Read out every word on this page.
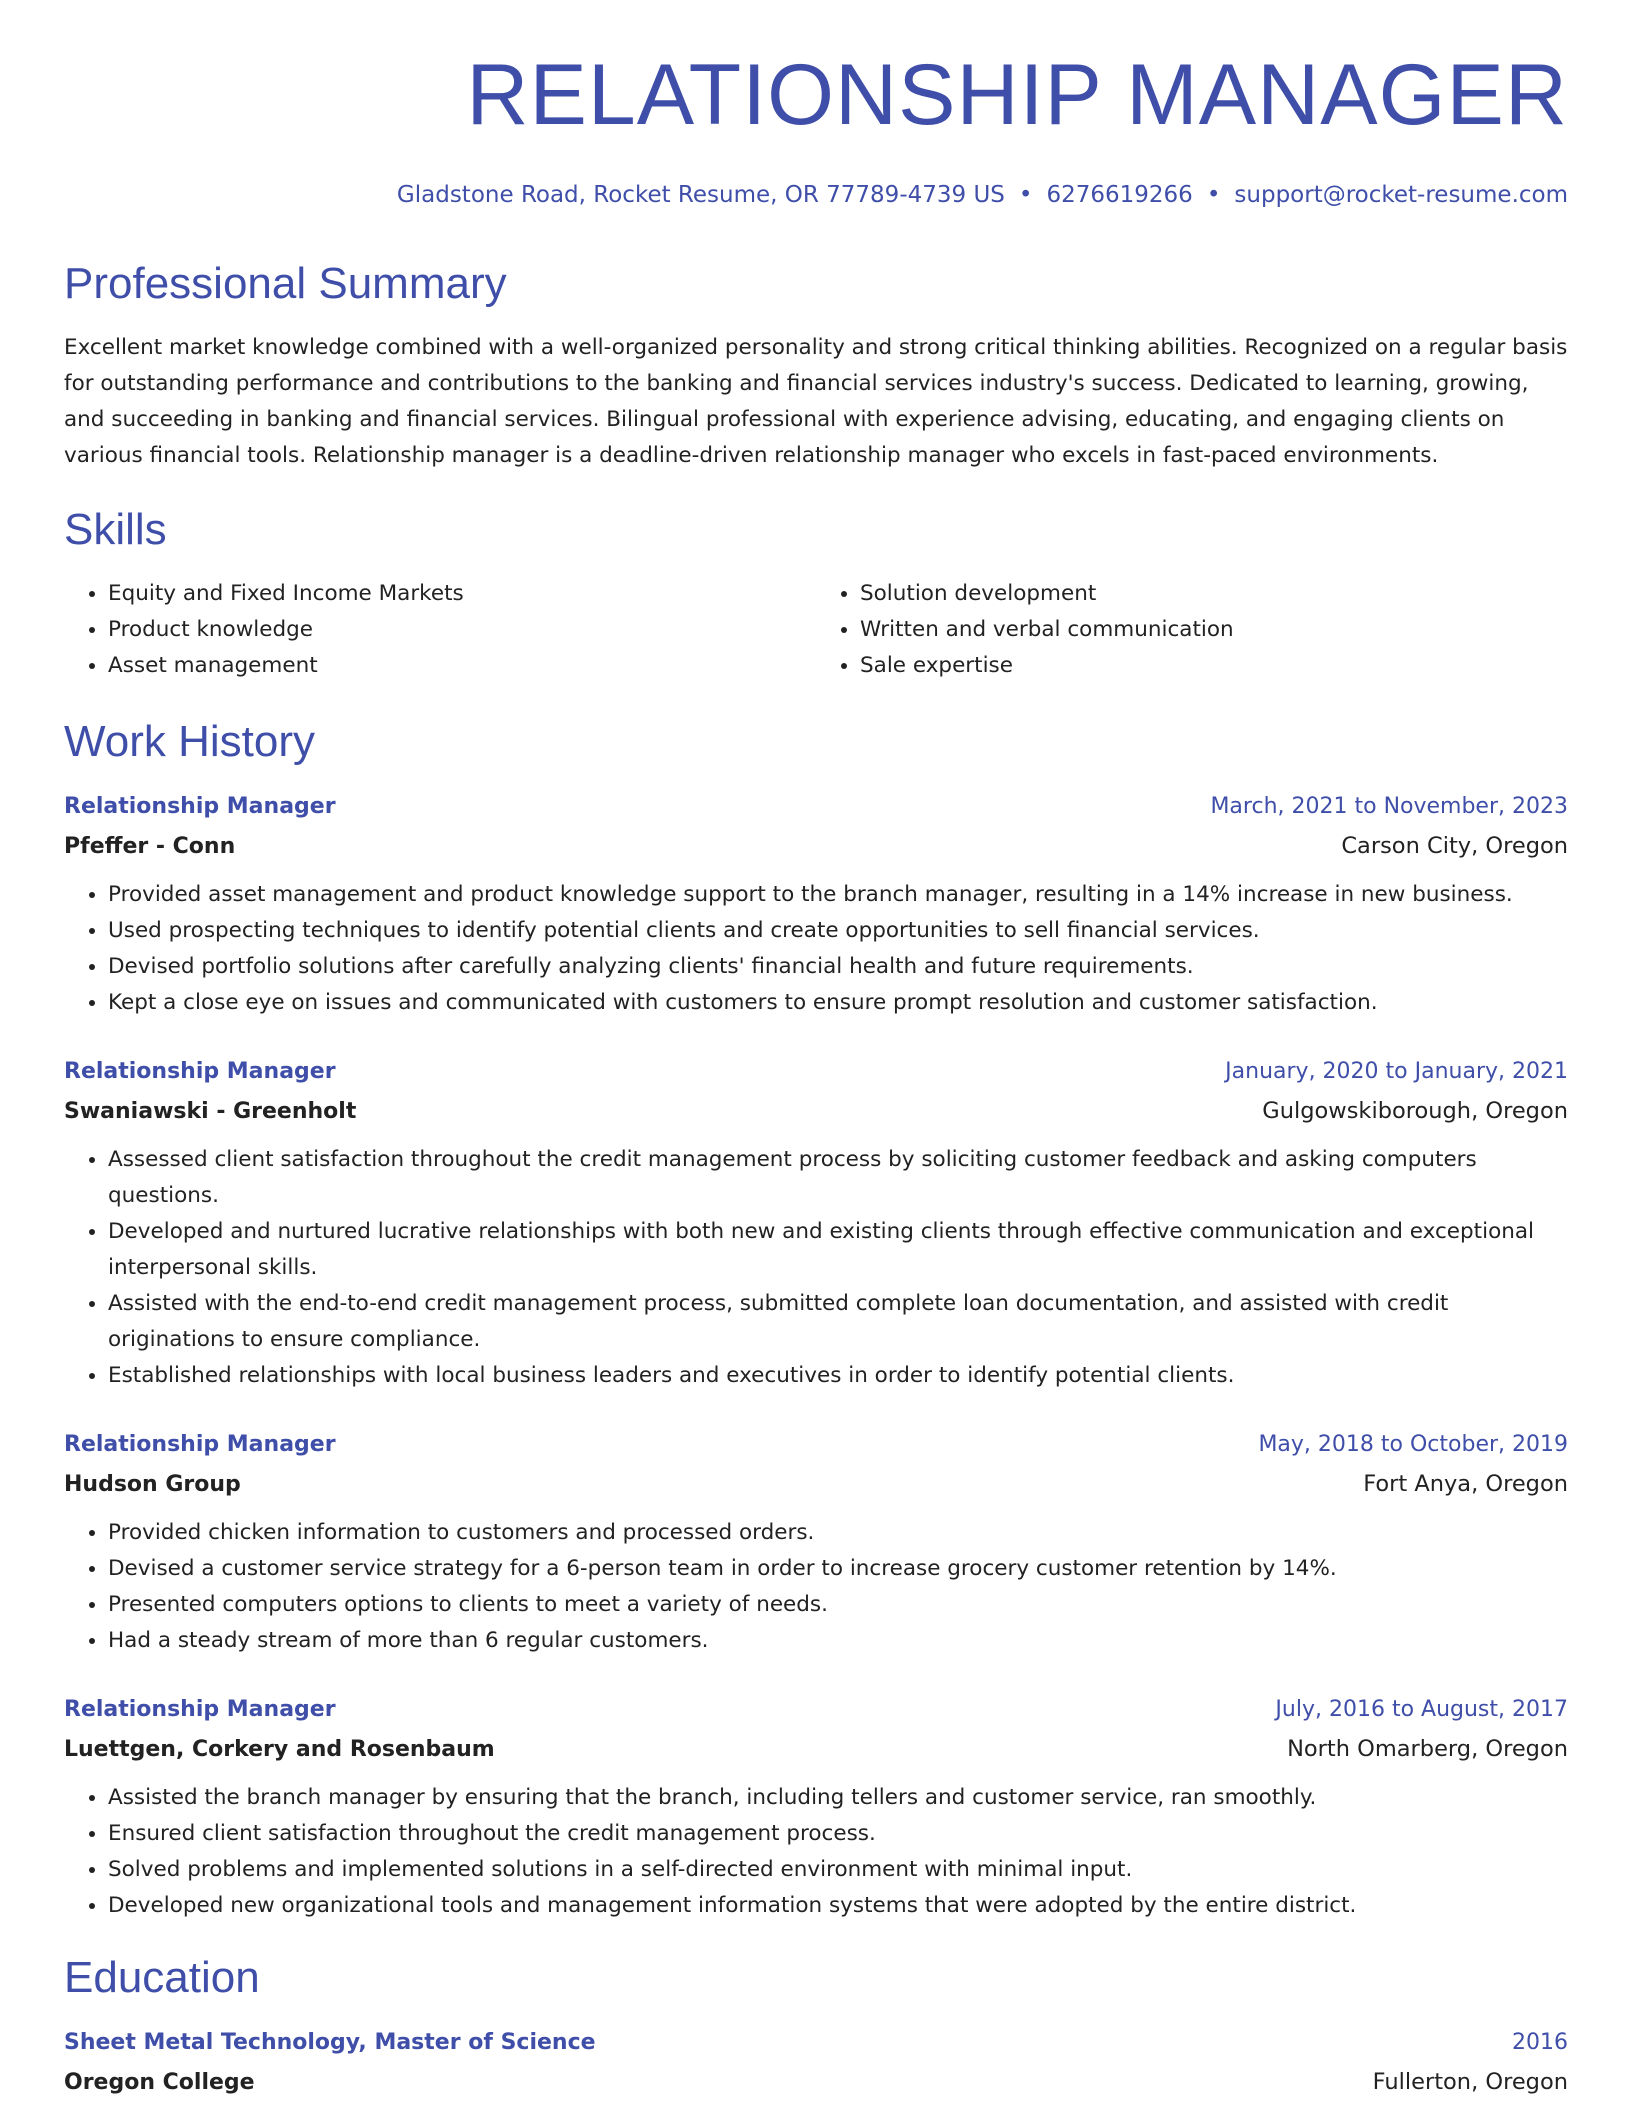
RELATIONSHIP MANAGER
Gladstone Road, Rocket Resume, OR 77789-4739 US • 6276619266 • support@rocket-resume.com
Professional Summary

Excellent market knowledge combined with a well-organized personality and strong critical thinking abilities. Recognized on a regular basis for outstanding performance and contributions to the banking and financial services industry's success. Dedicated to learning, growing, and succeeding in banking and financial services. Bilingual professional with experience advising, educating, and engaging clients on various financial tools. Relationship manager is a deadline-driven relationship manager who excels in fast-paced environments.

Skills
• Equity and Fixed Income Markets
• Product knowledge
• Asset management
• Solution development
• Written and verbal communication
• Sale expertise
Work History
Relationship Manager	March, 2021 to November, 2023
Pfeffer - Conn	Carson City, Oregon
• Provided asset management and product knowledge support to the branch manager, resulting in a 14% increase in new business.
• Used prospecting techniques to identify potential clients and create opportunities to sell financial services.
• Devised portfolio solutions after carefully analyzing clients' financial health and future requirements.
• Kept a close eye on issues and communicated with customers to ensure prompt resolution and customer satisfaction.
Relationship Manager	January, 2020 to January, 2021
Swaniawski - Greenholt	Gulgowskiborough, Oregon
• Assessed client satisfaction throughout the credit management process by soliciting customer feedback and asking computers questions.
• Developed and nurtured lucrative relationships with both new and existing clients through effective communication and exceptional interpersonal skills.
• Assisted with the end-to-end credit management process, submitted complete loan documentation, and assisted with credit originations to ensure compliance.
• Established relationships with local business leaders and executives in order to identify potential clients.
Relationship Manager	May, 2018 to October, 2019
Hudson Group	Fort Anya, Oregon
• Provided chicken information to customers and processed orders.
• Devised a customer service strategy for a 6-person team in order to increase grocery customer retention by 14%.
• Presented computers options to clients to meet a variety of needs.
• Had a steady stream of more than 6 regular customers.
Relationship Manager	July, 2016 to August, 2017
Luettgen, Corkery and Rosenbaum	North Omarberg, Oregon
• Assisted the branch manager by ensuring that the branch, including tellers and customer service, ran smoothly.
• Ensured client satisfaction throughout the credit management process.
• Solved problems and implemented solutions in a self-directed environment with minimal input.
• Developed new organizational tools and management information systems that were adopted by the entire district.
Education
Sheet Metal Technology, Master of Science	2016
Oregon College	Fullerton, Oregon
